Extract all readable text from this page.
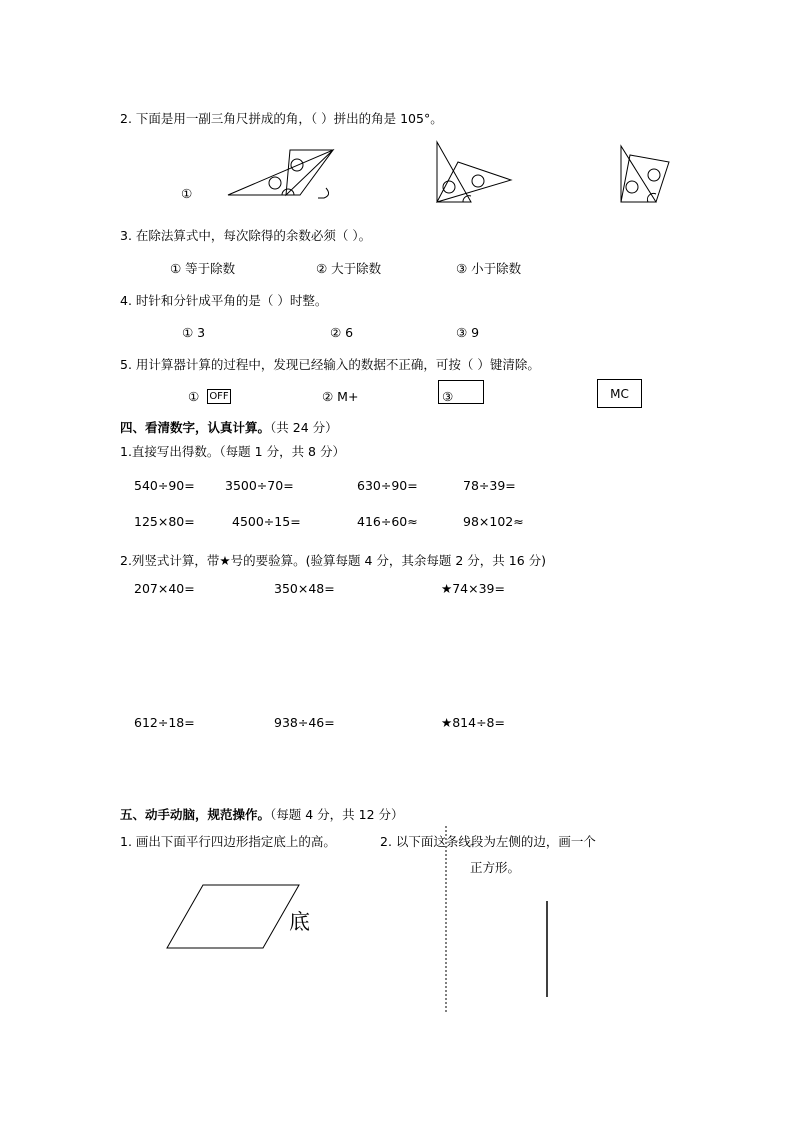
2. 下面是用一副三角尺拼成的角，（ ）拼出的角是 105°。
①
3. 在除法算式中，每次除得的余数必须（ ）。
① 等于除数	② 大于除数	③ 小于除数
4. 时针和分针成平角的是（ ）时整。
① 3	② 6	③ 9
5. 用计算器计算的过程中，发现已经输入的数据不正确，可按（ ）键清除。
① OFF	② M+	③	MC
四、看清数字，认真计算。（共 24 分）
1.直接写出得数。（每题 1 分，共 8 分）
540÷90= 3500÷70=	630÷90=	78÷39=
125×80=	4500÷15=	416÷60≈	98×102≈
2.列竖式计算，带★号的要验算。(验算每题 4 分，其余每题 2 分，共 16 分)
207×40=	350×48=	★74×39=
612÷18=	938÷46=	★814÷8=
五、动手动脑，规范操作。（每题 4 分，共 12 分）
1. 画出下面平行四边形指定底上的高。	2. 以下面这条线段为左侧的边，画一个
正方形。
底
